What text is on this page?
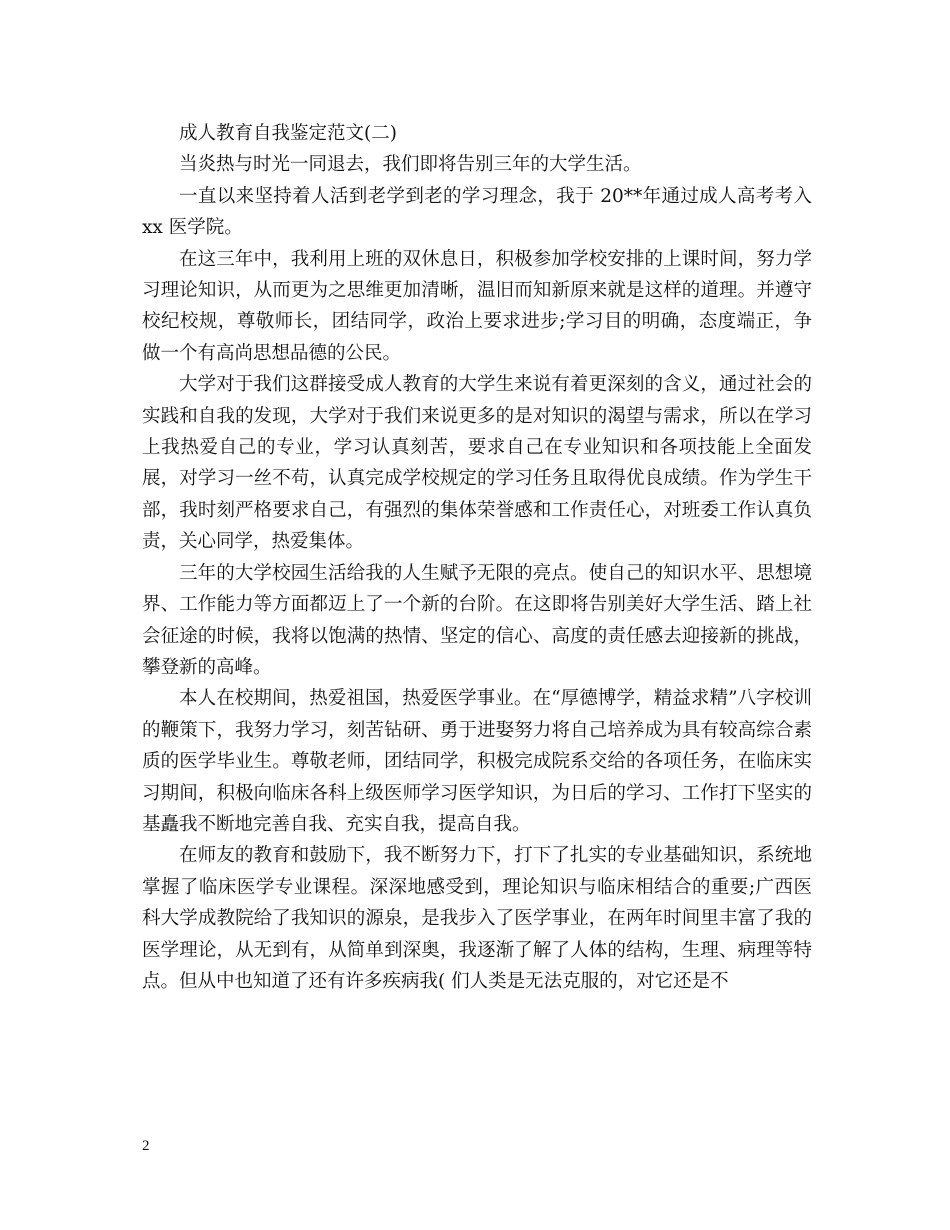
成人教育自我鉴定范文(二)

当炎热与时光一同退去，我们即将告别三年的大学生活。

一直以来坚持着人活到老学到老的学习理念，我于 20**年通过成人高考考入 xx 医学院。

在这三年中，我利用上班的双休息日，积极参加学校安排的上课时间，努力学习理论知识，从而更为之思维更加清晰，温旧而知新原来就是这样的道理。并遵守校纪校规，尊敬师长，团结同学，政治上要求进步;学习目的明确，态度端正，争做一个有高尚思想品德的公民。

大学对于我们这群接受成人教育的大学生来说有着更深刻的含义，通过社会的实践和自我的发现，大学对于我们来说更多的是对知识的渴望与需求，所以在学习上我热爱自己的专业，学习认真刻苦，要求自己在专业知识和各项技能上全面发展，对学习一丝不苟，认真完成学校规定的学习任务且取得优良成绩。作为学生干部，我时刻严格要求自己，有强烈的集体荣誉感和工作责任心，对班委工作认真负责，关心同学，热爱集体。

三年的大学校园生活给我的人生赋予无限的亮点。使自己的知识水平、思想境界、工作能力等方面都迈上了一个新的台阶。在这即将告别美好大学生活、踏上社会征途的时候，我将以饱满的热情、坚定的信心、高度的责任感去迎接新的挑战，攀登新的高峰。

本人在校期间，热爱祖国，热爱医学事业。在“厚德博学，精益求精”八字校训的鞭策下，我努力学习，刻苦钻研、勇于进娶努力将自己培养成为具有较高综合素质的医学毕业生。尊敬老师，团结同学，积极完成院系交给的各项任务，在临床实习期间，积极向临床各科上级医师学习医学知识，为日后的学习、工作打下坚实的基矗我不断地完善自我、充实自我，提高自我。

在师友的教育和鼓励下，我不断努力下，打下了扎实的专业基础知识，系统地掌握了临床医学专业课程。深深地感受到，理论知识与临床相结合的重要;广西医科大学成教院给了我知识的源泉，是我步入了医学事业，在两年时间里丰富了我的医学理论，从无到有，从简单到深奥，我逐渐了解了人体的结构，生理、病理等特点。但从中也知道了还有许多疾病我( 们人类是无法克服的，对它还是不

2
